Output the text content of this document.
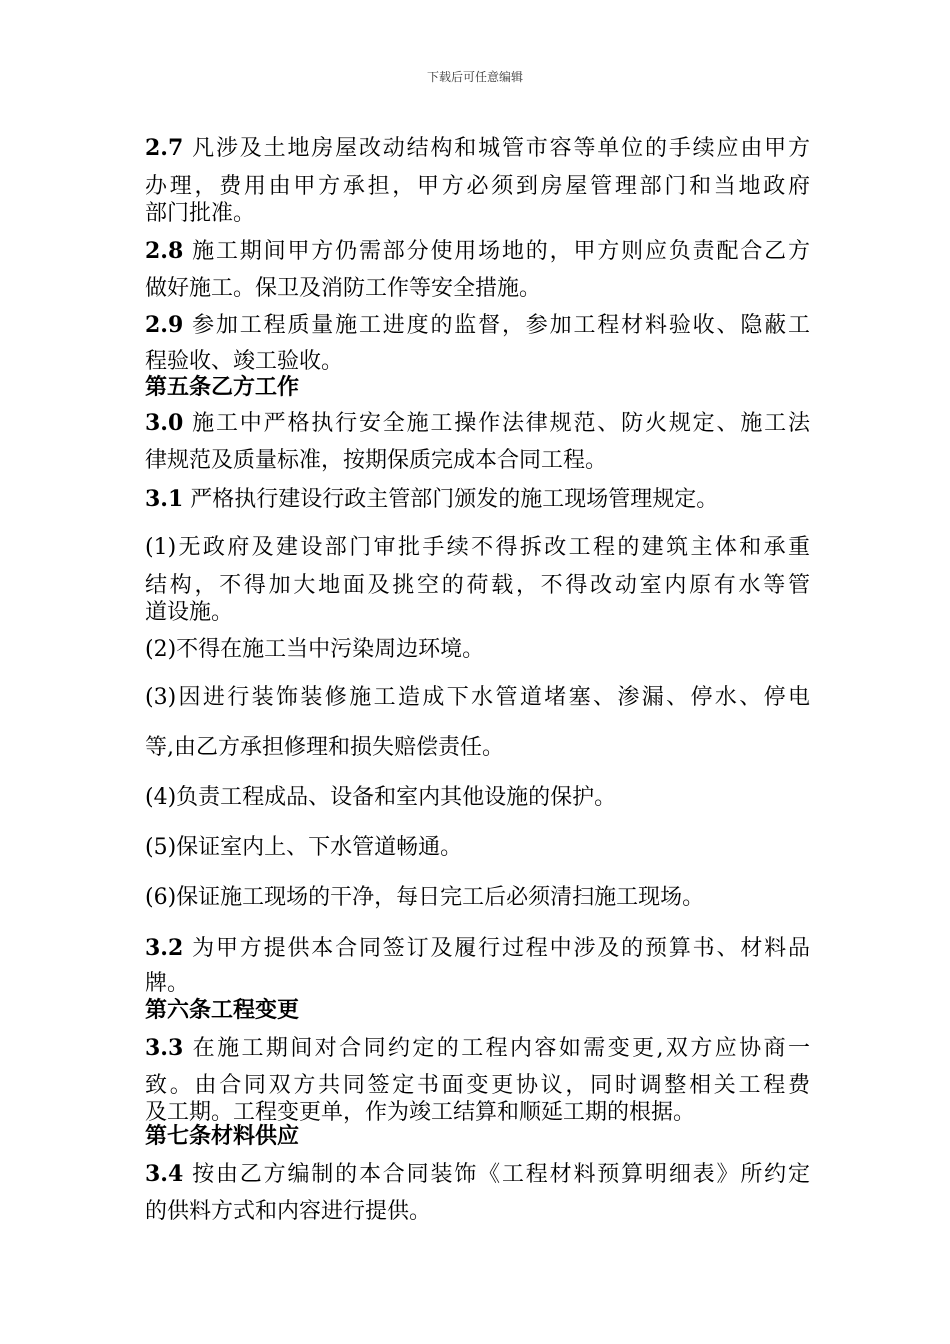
下载后可任意编辑
2.7 凡涉及土地房屋改动结构和城管市容等单位的手续应由甲方
办理，费用由甲方承担，甲方必须到房屋管理部门和当地政府
部门批准。
2.8 施工期间甲方仍需部分使用场地的，甲方则应负责配合乙方
做好施工。保卫及消防工作等安全措施。
2.9 参加工程质量施工进度的监督，参加工程材料验收、隐蔽工
程验收、竣工验收。
第五条乙方工作
3.0 施工中严格执行安全施工操作法律规范、防火规定、施工法
律规范及质量标准，按期保质完成本合同工程。
3.1 严格执行建设行政主管部门颁发的施工现场管理规定。
(1)无政府及建设部门审批手续不得拆改工程的建筑主体和承重
结构，不得加大地面及挑空的荷载，不得改动室内原有水等管
道设施。
(2)不得在施工当中污染周边环境。
(3)因进行装饰装修施工造成下水管道堵塞、渗漏、停水、停电
等,由乙方承担修理和损失赔偿责任。
(4)负责工程成品、设备和室内其他设施的保护。
(5)保证室内上、下水管道畅通。
(6)保证施工现场的干净，每日完工后必须清扫施工现场。
3.2 为甲方提供本合同签订及履行过程中涉及的预算书、材料品
牌。
第六条工程变更
3.3 在施工期间对合同约定的工程内容如需变更,双方应协商一
致。由合同双方共同签定书面变更协议，同时调整相关工程费
及工期。工程变更单，作为竣工结算和顺延工期的根据。
第七条材料供应
3.4 按由乙方编制的本合同装饰《工程材料预算明细表》所约定
的供料方式和内容进行提供。
